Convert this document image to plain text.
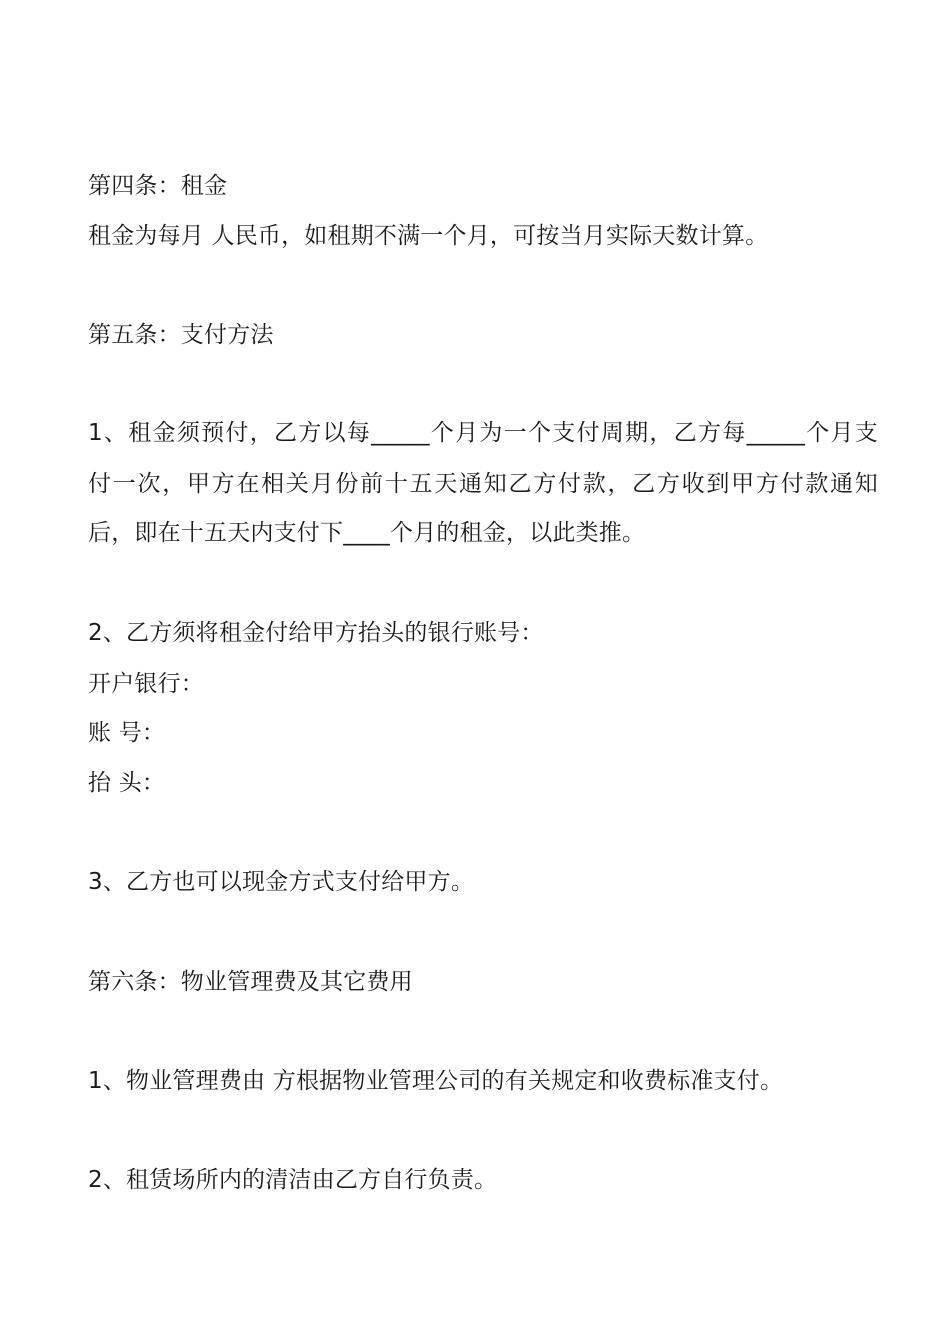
第四条：租金
租金为每月 人民币，如租期不满一个月，可按当月实际天数计算。
第五条：支付方法
1、租金须预付，乙方以每_____个月为一个支付周期，乙方每_____个月支
付一次，甲方在相关月份前十五天通知乙方付款，乙方收到甲方付款通知
后，即在十五天内支付下____个月的租金，以此类推。
2、乙方须将租金付给甲方抬头的银行账号：
开户银行：
账 号：
抬 头：
3、乙方也可以现金方式支付给甲方。
第六条：物业管理费及其它费用
1、物业管理费由 方根据物业管理公司的有关规定和收费标准支付。
2、租赁场所内的清洁由乙方自行负责。
